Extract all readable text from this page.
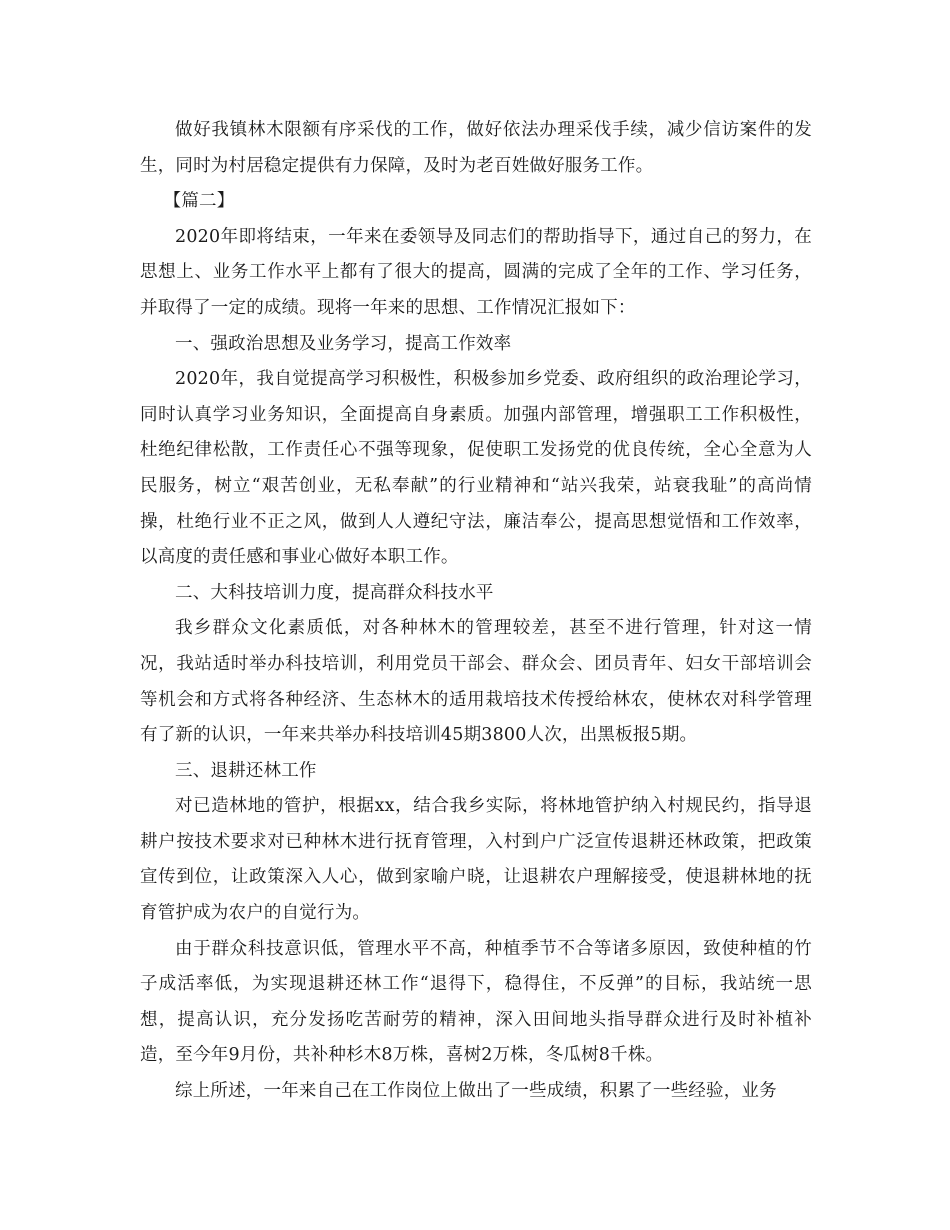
做好我镇林木限额有序采伐的工作，做好依法办理采伐手续，减少信访案件的发生，同时为村居稳定提供有力保障，及时为老百姓做好服务工作。

【篇二】

2020年即将结束，一年来在委领导及同志们的帮助指导下，通过自己的努力，在思想上、业务工作水平上都有了很大的提高，圆满的完成了全年的工作、学习任务，并取得了一定的成绩。现将一年来的思想、工作情况汇报如下：

一、强政治思想及业务学习，提高工作效率

2020年，我自觉提高学习积极性，积极参加乡党委、政府组织的政治理论学习，同时认真学习业务知识，全面提高自身素质。加强内部管理，增强职工工作积极性，杜绝纪律松散，工作责任心不强等现象，促使职工发扬党的优良传统，全心全意为人民服务，树立“艰苦创业，无私奉献”的行业精神和“站兴我荣，站衰我耻”的高尚情操，杜绝行业不正之风，做到人人遵纪守法，廉洁奉公，提高思想觉悟和工作效率，以高度的责任感和事业心做好本职工作。

二、大科技培训力度，提高群众科技水平

我乡群众文化素质低，对各种林木的管理较差，甚至不进行管理，针对这一情况，我站适时举办科技培训，利用党员干部会、群众会、团员青年、妇女干部培训会等机会和方式将各种经济、生态林木的适用栽培技术传授给林农，使林农对科学管理有了新的认识，一年来共举办科技培训45期3800人次，出黑板报5期。

三、退耕还林工作

对已造林地的管护，根据xx，结合我乡实际，将林地管护纳入村规民约，指导退耕户按技术要求对已种林木进行抚育管理，入村到户广泛宣传退耕还林政策，把政策宣传到位，让政策深入人心，做到家喻户晓，让退耕农户理解接受，使退耕林地的抚育管护成为农户的自觉行为。

由于群众科技意识低，管理水平不高，种植季节不合等诸多原因，致使种植的竹子成活率低，为实现退耕还林工作“退得下，稳得住，不反弹”的目标，我站统一思想，提高认识，充分发扬吃苦耐劳的精神，深入田间地头指导群众进行及时补植补造，至今年9月份，共补种杉木8万株，喜树2万株，冬瓜树8千株。

综上所述，一年来自己在工作岗位上做出了一些成绩，积累了一些经验，业务
